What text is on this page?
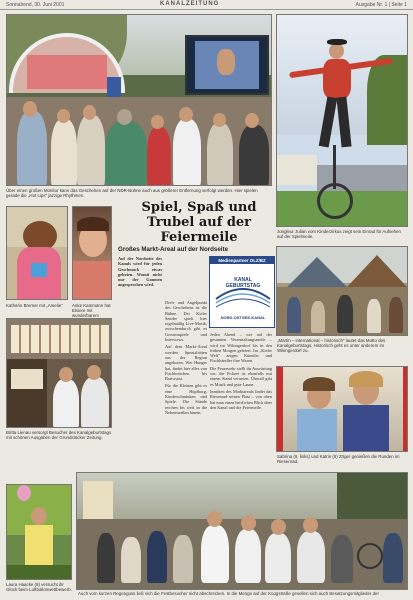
Sonnabend, 30. Juni 2001	KANALZEITUNG	Ausgabe Nr. 1 | Seite 1
Über einen großen Monitor kann das Geschehen auf der NDR-Bühne auch aus größerer Entfernung verfolgt werden. Hier spielen gerade die „Hot Lips" jazzige Rhythmen.
Jongleur Julian vom Kinderzirkus zeigt sein Einrad für Aufsehen auf der Spielmeile.
Katharin Bremer mit „Amelie"	Anke Kammann hat Elviere mit wunderbarem
Spiel, Spaß und
Trubel auf der
Feiermeile
Großes Markt-Areal auf der Nordseite
Medienpartner OLZ/BZ
KANAL
GEBURTSTAG
NORD-OSTSEE-KANAL

Auf der Nordseite des Kanals wird für jeden Geschmack etwas geboten. Womit nicht nur der Gaumen angesprochen wird.

Dreh- und Angelpunkt des Geschehens ist die Bühne. Der Kieler Sender spielt hier regelmäßig Live-Musik, zwischendurch gibt es Gewinnspiele und Interviews.

Auf dem Markt-Areal werden Spezialitäten aus der Region angeboten. Wer Hunger hat, findet hier alles von Fischbrötchen bis Bratwurst.

Für die Kleinen gibt es eine Hüpfburg, Kinderschminken und Spiele. Die Stände reichen bis weit in die Nebenstraßen hinein.

Jeden Abend – wie auf der gesamten Veranstaltungsmeile – wird im Wikingerdorf bis in den frühen Morgen gefeiert. Im „Kieler Welt" zeigen Künstler und Fischhändler ihre Waren.

Die Feuerwehr stellt ihr Ausrüstung vor, die Polizei ist ebenfalls mit einem Stand vertreten. Überall gibt es Musik und gute Laune.

Inmitten des Marktareals findet das Riesenrad seinen Platz – von oben hat man einen herrlichen Blick über den Kanal und die Feiermeile.

„Martin – international – historisch" lautet das Motto des Kanalgeburtstags. Historisch geht es unter anderem im Wikingerdorf zu.
Britta Lienau versorgt Besucher des Kanalgeburtstags mit schönen Ausgaben der Grundstücker Zeitung.
Sabrina (9, links) und Katrin (8) Zöger genießen die Runden im Riesenrad.
Laura Haacke (8) versucht ihr Glück beim Luftballonwettbewerb.
Auch vom kurzen Regenguss ließ sich die Festbesucher nicht abschrecken. In die Menge auf der Koogstraße gesellen sich auch Besatzungsmitglieder der
